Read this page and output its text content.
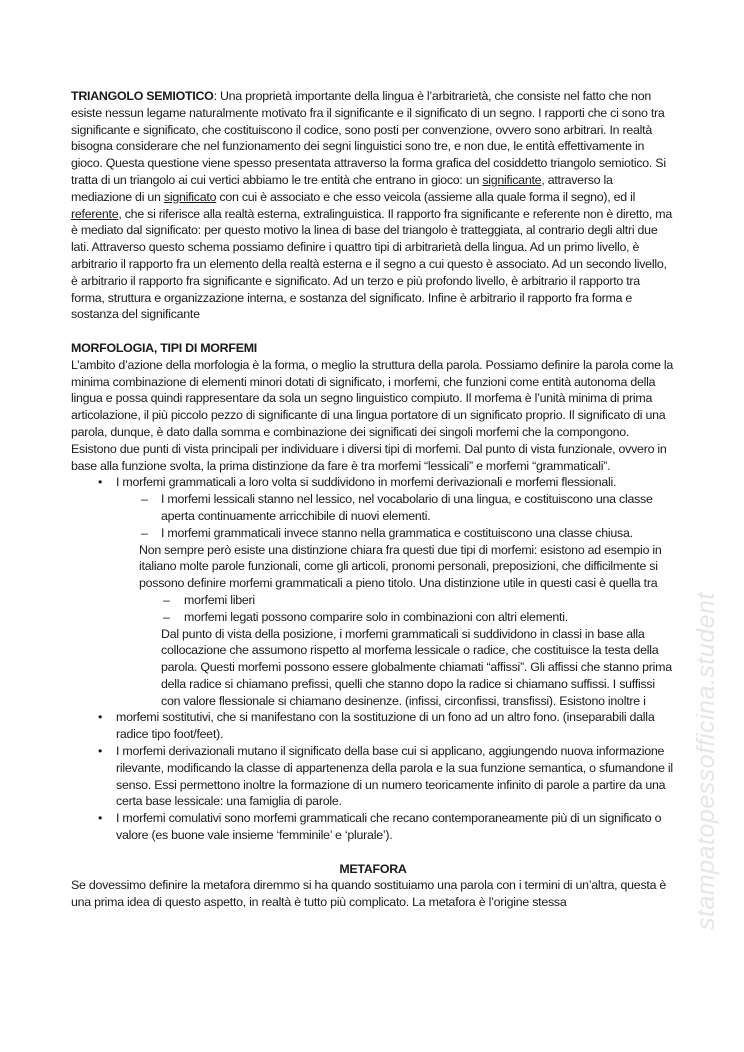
stampatopessofficina.student

TRIANGOLO SEMIOTICO: Una proprietà importante della lingua è l’arbitrarietà, che consiste nel fatto che non esiste nessun legame naturalmente motivato fra il significante e il significato di un segno. I rapporti che ci sono tra significante e significato, che costituiscono il codice, sono posti per convenzione, ovvero sono arbitrari. In realtà bisogna considerare che nel funzionamento dei segni linguistici sono tre, e non due, le entità effettivamente in gioco. Questa questione viene spesso presentata attraverso la forma grafica del cosiddetto triangolo semiotico. Si tratta di un triangolo ai cui vertici abbiamo le tre entità che entrano in gioco: un significante, attraverso la mediazione di un significato con cui è associato e che esso veicola (assieme alla quale forma il segno), ed il referente, che si riferisce alla realtà esterna, extralinguistica. Il rapporto fra significante e referente non è diretto, ma è mediato dal significato: per questo motivo la linea di base del triangolo è tratteggiata, al contrario degli altri due lati. Attraverso questo schema possiamo definire i quattro tipi di arbitrarietà della lingua. Ad un primo livello, è arbitrario il rapporto fra un elemento della realtà esterna e il segno a cui questo è associato. Ad un secondo livello, è arbitrario il rapporto fra significante e significato. Ad un terzo e più profondo livello, è arbitrario il rapporto tra forma, struttura e organizzazione interna, e sostanza del significato. Infine è arbitrario il rapporto fra forma e sostanza del significante

MORFOLOGIA, TIPI DI MORFEMI

L’ambito d’azione della morfologia è la forma, o meglio la struttura della parola. Possiamo definire la parola come la minima combinazione di elementi minori dotati di significato, i morfemi, che funzioni come entità autonoma della lingua e possa quindi rappresentare da sola un segno linguistico compiuto. Il morfema è l’unità minima di prima articolazione, il più piccolo pezzo di significante di una lingua portatore di un significato proprio. Il significato di una parola, dunque, è dato dalla somma e combinazione dei significati dei singoli morfemi che la compongono. Esistono due punti di vista principali per individuare i diversi tipi di morfemi. Dal punto di vista funzionale, ovvero in base alla funzione svolta, la prima distinzione da fare è tra morfemi “lessicali” e morfemi “grammaticali”.

• I morfemi grammaticali a loro volta si suddividono in morfemi derivazionali e morfemi flessionali.
– I morfemi lessicali stanno nel lessico, nel vocabolario di una lingua, e costituiscono una classe aperta continuamente arricchibile di nuovi elementi.
– I morfemi grammaticali invece stanno nella grammatica e costituiscono una classe chiusa.

Non sempre però esiste una distinzione chiara fra questi due tipi di morfemi: esistono ad esempio in italiano molte parole funzionali, come gli articoli, pronomi personali, preposizioni, che difficilmente si possono definire morfemi grammaticali a pieno titolo. Una distinzione utile in questi casi è quella tra

– morfemi liberi
– morfemi legati possono comparire solo in combinazioni con altri elementi.

Dal punto di vista della posizione, i morfemi grammaticali si suddividono in classi in base alla collocazione che assumono rispetto al morfema lessicale o radice, che costituisce la testa della parola. Questi morfemi possono essere globalmente chiamati “affissi”. Gli affissi che stanno prima della radice si chiamano prefissi, quelli che stanno dopo la radice si chiamano suffissi. I suffissi con valore flessionale si chiamano desinenze. (infissi, circonfissi, transfissi). Esistono inoltre i

• morfemi sostitutivi, che si manifestano con la sostituzione di un fono ad un altro fono. (inseparabili dalla radice tipo foot/feet).
• I morfemi derivazionali mutano il significato della base cui si applicano, aggiungendo nuova informazione rilevante, modificando la classe di appartenenza della parola e la sua funzione semantica, o sfumandone il senso. Essi permettono inoltre la formazione di un numero teoricamente infinito di parole a partire da una certa base lessicale: una famiglia di parole.
• I morfemi comulativi sono morfemi grammaticali che recano contemporaneamente più di un significato o valore (es buone vale insieme ‘femminile’ e ‘plurale’).

METAFORA

Se dovessimo definire la metafora diremmo si ha quando sostituiamo una parola con i termini di un’altra, questa è una prima idea di questo aspetto, in realtà è tutto più complicato. La metafora è l’origine stessa
